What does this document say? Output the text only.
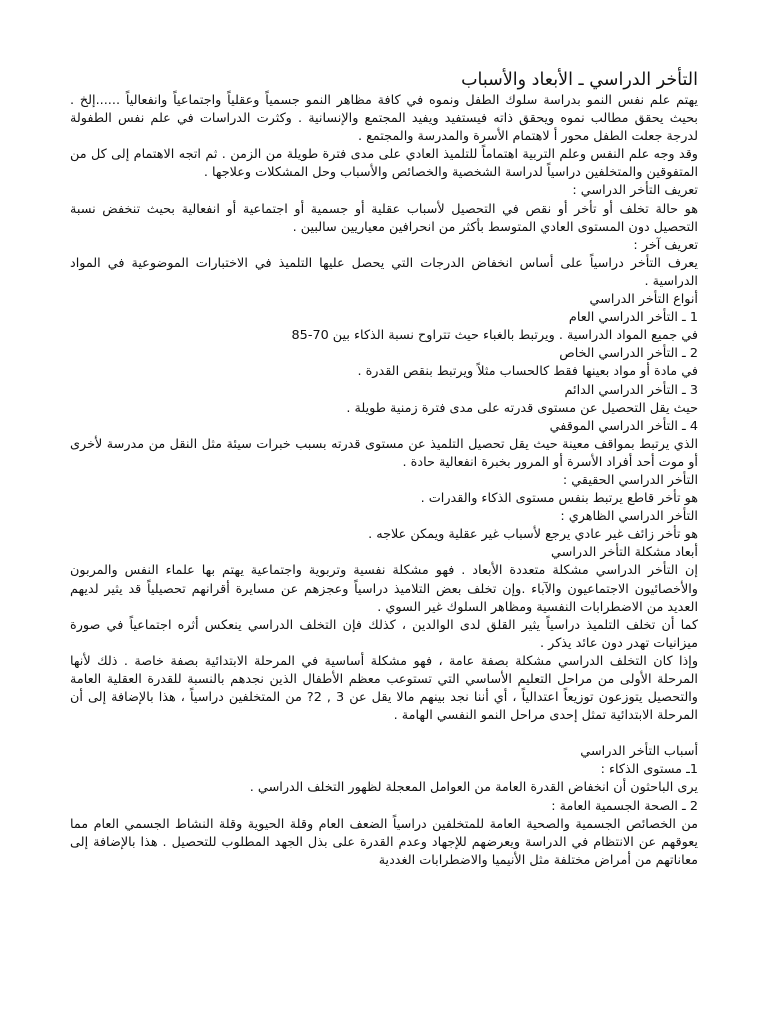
التأخر الدراسي ـ الأبعاد والأسباب

يهتم علم نفس النمو بدراسة سلوك الطفل ونموه في كافة مظاهر النمو جسمياً وعقلياً واجتماعياً وانفعالياً ......إلخ . بحيث يحقق مطالب نموه ويحقق ذاته فيستفيد ويفيد المجتمع والإنسانية . وكثرت الدراسات في علم نفس الطفولة لدرجة جعلت الطفل محور أ لاهتمام الأسرة والمدرسة والمجتمع .

وقد وجه علم النفس وعلم التربية اهتماماً للتلميذ العادي على مدى فترة طويلة من الزمن . ثم اتجه الاهتمام إلى كل من المتفوقين والمتخلفين دراسياً لدراسة الشخصية والخصائص والأسباب وحل المشكلات وعلاجها .

تعريف التأخر الدراسي :

هو حالة تخلف أو تأخر أو نقص في التحصيل لأسباب عقلية أو جسمية أو اجتماعية أو انفعالية بحيث تنخفض نسبة التحصيل دون المستوى العادي المتوسط بأكثر من انحرافين معياريين سالبين .

تعريف آخر :

يعرف التأخر دراسياً على أساس انخفاض الدرجات التي يحصل عليها التلميذ في الاختبارات الموضوعية في المواد الدراسية .

أنواع التأخر الدراسي

1 ـ التأخر الدراسي العام

في جميع المواد الدراسية . ويرتبط بالغباء حيث تتراوح نسبة الذكاء بين 70-85

2 ـ التأخر الدراسي الخاص

في مادة أو مواد بعينها فقط كالحساب مثلاً ويرتبط بنقص القدرة .

3 ـ التأخر الدراسي الدائم

حيث يقل التحصيل عن مستوى قدرته على مدى فترة زمنية طويلة .

4 ـ التأخر الدراسي الموقفي

الذي يرتبط بمواقف معينة حيث يقل تحصيل التلميذ عن مستوى قدرته بسبب خبرات سيئة مثل النقل من مدرسة لأخرى أو موت أحد أفراد الأسرة أو المرور بخبرة انفعالية حادة .

التأخر الدراسي الحقيقي :

هو تأخر قاطع يرتبط بنفس مستوى الذكاء والقدرات .

التأخر الدراسي الظاهري :

هو تأخر زائف غير عادي يرجع لأسباب غير عقلية ويمكن علاجه .

أبعاد مشكلة التأخر الدراسي

إن التأخر الدراسي مشكلة متعددة الأبعاد . فهو مشكلة نفسية وتربوية واجتماعية يهتم بها علماء النفس والمربون والأخصائيون الاجتماعيون والآباء .وإن تخلف بعض التلاميذ دراسياً وعجزهم عن مسايرة أقرانهم تحصيلياً قد يثير لديهم العديد من الاضطرابات النفسية ومظاهر السلوك غير السوي .

كما أن تخلف التلميذ دراسياً يثير القلق لدى الوالدين ، كذلك فإن التخلف الدراسي ينعكس أثره اجتماعياً في صورة ميزانيات تهدر دون عائد يذكر .

وإذا كان التخلف الدراسي مشكلة بصفة عامة ، فهو مشكلة أساسية في المرحلة الابتدائية بصفة خاصة . ذلك لأنها المرحلة الأولى من مراحل التعليم الأساسي التي تستوعب معظم الأطفال الذين نجدهم بالنسبة للقدرة العقلية العامة والتحصيل يتوزعون توزيعاً اعتدالياً ، أي أننا نجد بينهم مالا يقل عن 3 , 2? من المتخلفين دراسياً ، هذا بالإضافة إلى أن المرحلة الابتدائية تمثل إحدى مراحل النمو النفسي الهامة .

أسباب التأخر الدراسي

1ـ مستوى الذكاء :

يرى الباحثون أن انخفاض القدرة العامة من العوامل المعجلة لظهور التخلف الدراسي .

2 ـ الصحة الجسمية العامة :

من الخصائص الجسمية والصحية العامة للمتخلفين دراسياً الضعف العام وقلة الحيوية وقلة النشاط الجسمي العام مما يعوقهم عن الانتظام في الدراسة ويعرضهم للإجهاد وعدم القدرة على بذل الجهد المطلوب للتحصيل . هذا بالإضافة إلى معاناتهم من أمراض مختلفة مثل الأنيميا والاضطرابات الغددية
